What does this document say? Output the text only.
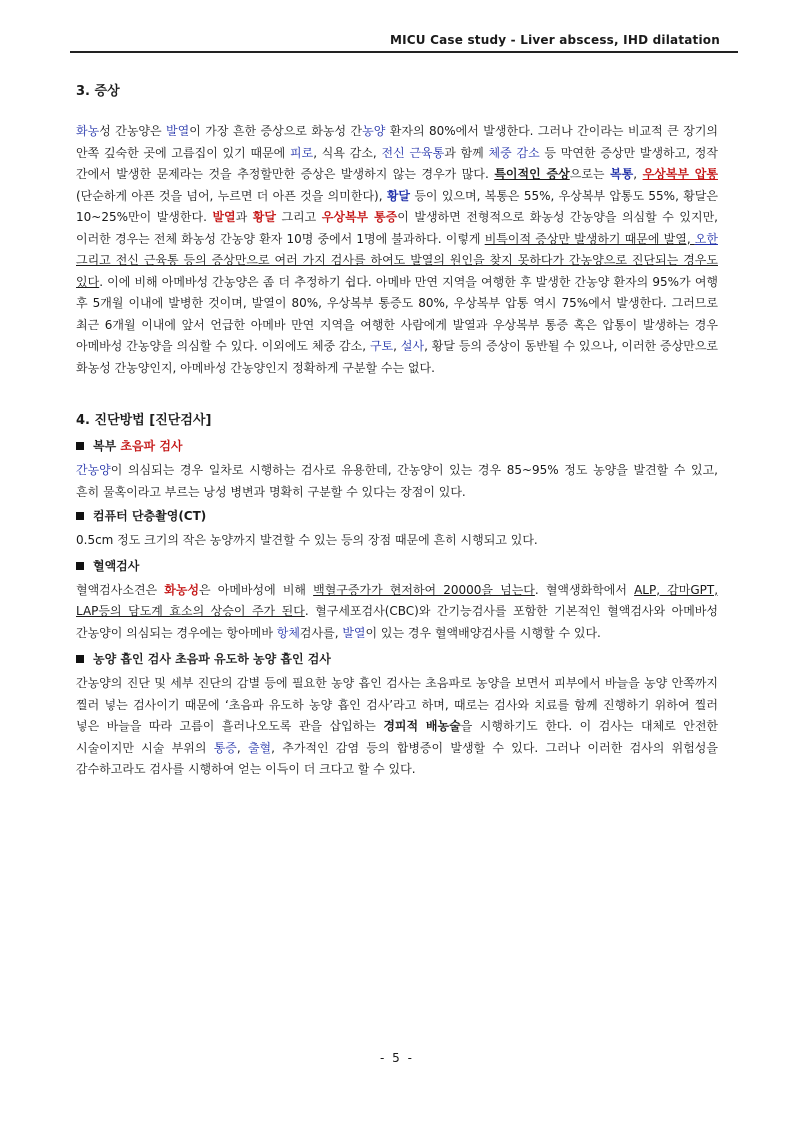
MICU Case study - Liver abscess, IHD dilatation

3. 증상

화농성 간농양은 발열이 가장 흔한 증상으로 화농성 간농양 환자의 80%에서 발생한다. 그러나 간이라는 비교적 큰 장기의 안쪽 깊숙한 곳에 고름집이 있기 때문에 피로, 식욕 감소, 전신 근육통과 함께 체중 감소 등 막연한 증상만 발생하고, 정작 간에서 발생한 문제라는 것을 추정할만한 증상은 발생하지 않는 경우가 많다. 특이적인 증상으로는 복통, 우상복부 압통(단순하게 아픈 것을 넘어, 누르면 더 아픈 것을 의미한다), 황달 등이 있으며, 복통은 55%, 우상복부 압통도 55%, 황달은 10~25%만이 발생한다. 발열과 황달 그리고 우상복부 통증이 발생하면 전형적으로 화농성 간농양을 의심할 수 있지만, 이러한 경우는 전체 화농성 간농양 환자 10명 중에서 1명에 불과하다. 이렇게 비특이적 증상만 발생하기 때문에 발열, 오한 그리고 전신 근육통 등의 증상만으로 여러 가지 검사를 하여도 발열의 원인을 찾지 못하다가 간농양으로 진단되는 경우도 있다. 이에 비해 아메바성 간농양은 좀 더 추정하기 쉽다. 아메바 만연 지역을 여행한 후 발생한 간농양 환자의 95%가 여행 후 5개월 이내에 발병한 것이며, 발열이 80%, 우상복부 통증도 80%, 우상복부 압통 역시 75%에서 발생한다. 그러므로 최근 6개월 이내에 앞서 언급한 아메바 만연 지역을 여행한 사람에게 발열과 우상복부 통증 혹은 압통이 발생하는 경우 아메바성 간농양을 의심할 수 있다. 이외에도 체중 감소, 구토, 설사, 황달 등의 증상이 동반될 수 있으나, 이러한 증상만으로 화농성 간농양인지, 아메바성 간농양인지 정확하게 구분할 수는 없다.

4. 진단방법 [진단검사]

복부 초음파 검사

간농양이 의심되는 경우 일차로 시행하는 검사로 유용한데, 간농양이 있는 경우 85~95% 정도 농양을 발견할 수 있고, 흔히 물혹이라고 부르는 낭성 병변과 명확히 구분할 수 있다는 장점이 있다.

컴퓨터 단층촬영(CT)

0.5cm 정도 크기의 작은 농양까지 발견할 수 있는 등의 장점 때문에 흔히 시행되고 있다.

혈액검사

혈액검사소견은 화농성은 아메바성에 비해 백혈구증가가 현저하여 20000을 넘는다. 혈액생화학에서 ALP, 감마GPT, LAP등의 담도계 효소의 상승이 주가 된다. 혈구세포검사(CBC)와 간기능검사를 포함한 기본적인 혈액검사와 아메바성 간농양이 의심되는 경우에는 항아메바 항체검사를, 발열이 있는 경우 혈액배양검사를 시행할 수 있다.

농양 흡인 검사 초음파 유도하 농양 흡인 검사

간농양의 진단 및 세부 진단의 감별 등에 필요한 농양 흡인 검사는 초음파로 농양을 보면서 피부에서 바늘을 농양 안쪽까지 찔러 넣는 검사이기 때문에 ‘초음파 유도하 농양 흡인 검사’라고 하며, 때로는 검사와 치료를 함께 진행하기 위하여 찔러 넣은 바늘을 따라 고름이 흘러나오도록 관을 삽입하는 경피적 배농술을 시행하기도 한다. 이 검사는 대체로 안전한 시술이지만 시술 부위의 통증, 출혈, 추가적인 감염 등의 합병증이 발생할 수 있다. 그러나 이러한 검사의 위험성을 감수하고라도 검사를 시행하여 얻는 이득이 더 크다고 할 수 있다.

- 5 -
